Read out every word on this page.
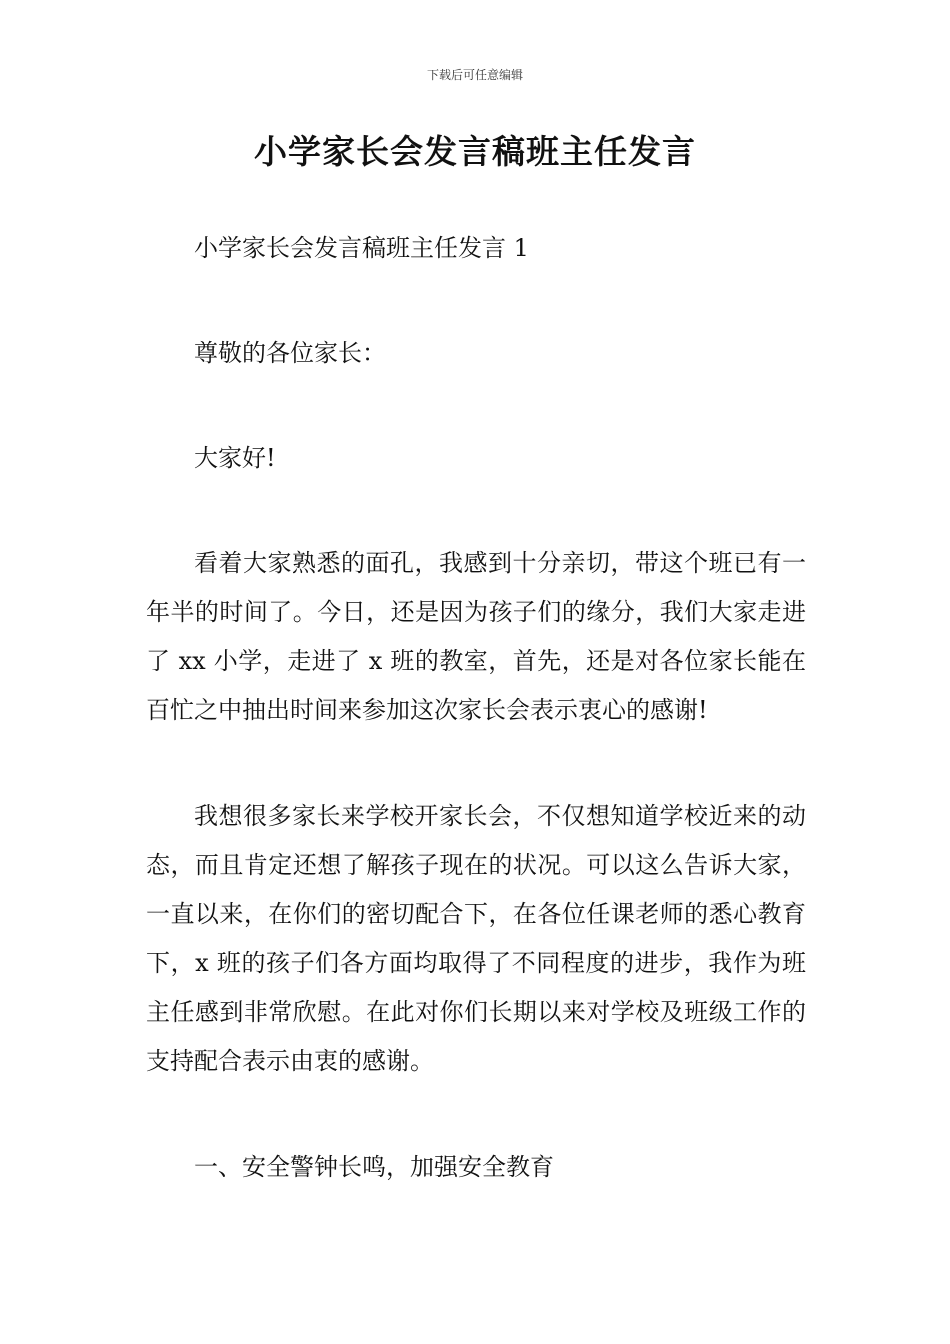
下载后可任意编辑
小学家长会发言稿班主任发言

小学家长会发言稿班主任发言 1

尊敬的各位家长：

大家好!

看着大家熟悉的面孔，我感到十分亲切，带这个班已有一年半的时间了。今日，还是因为孩子们的缘分，我们大家走进了 xx 小学，走进了 x 班的教室，首先，还是对各位家长能在百忙之中抽出时间来参加这次家长会表示衷心的感谢!

我想很多家长来学校开家长会，不仅想知道学校近来的动态，而且肯定还想了解孩子现在的状况。可以这么告诉大家，一直以来，在你们的密切配合下，在各位任课老师的悉心教育下，x 班的孩子们各方面均取得了不同程度的进步，我作为班主任感到非常欣慰。在此对你们长期以来对学校及班级工作的支持配合表示由衷的感谢。

一、安全警钟长鸣，加强安全教育
